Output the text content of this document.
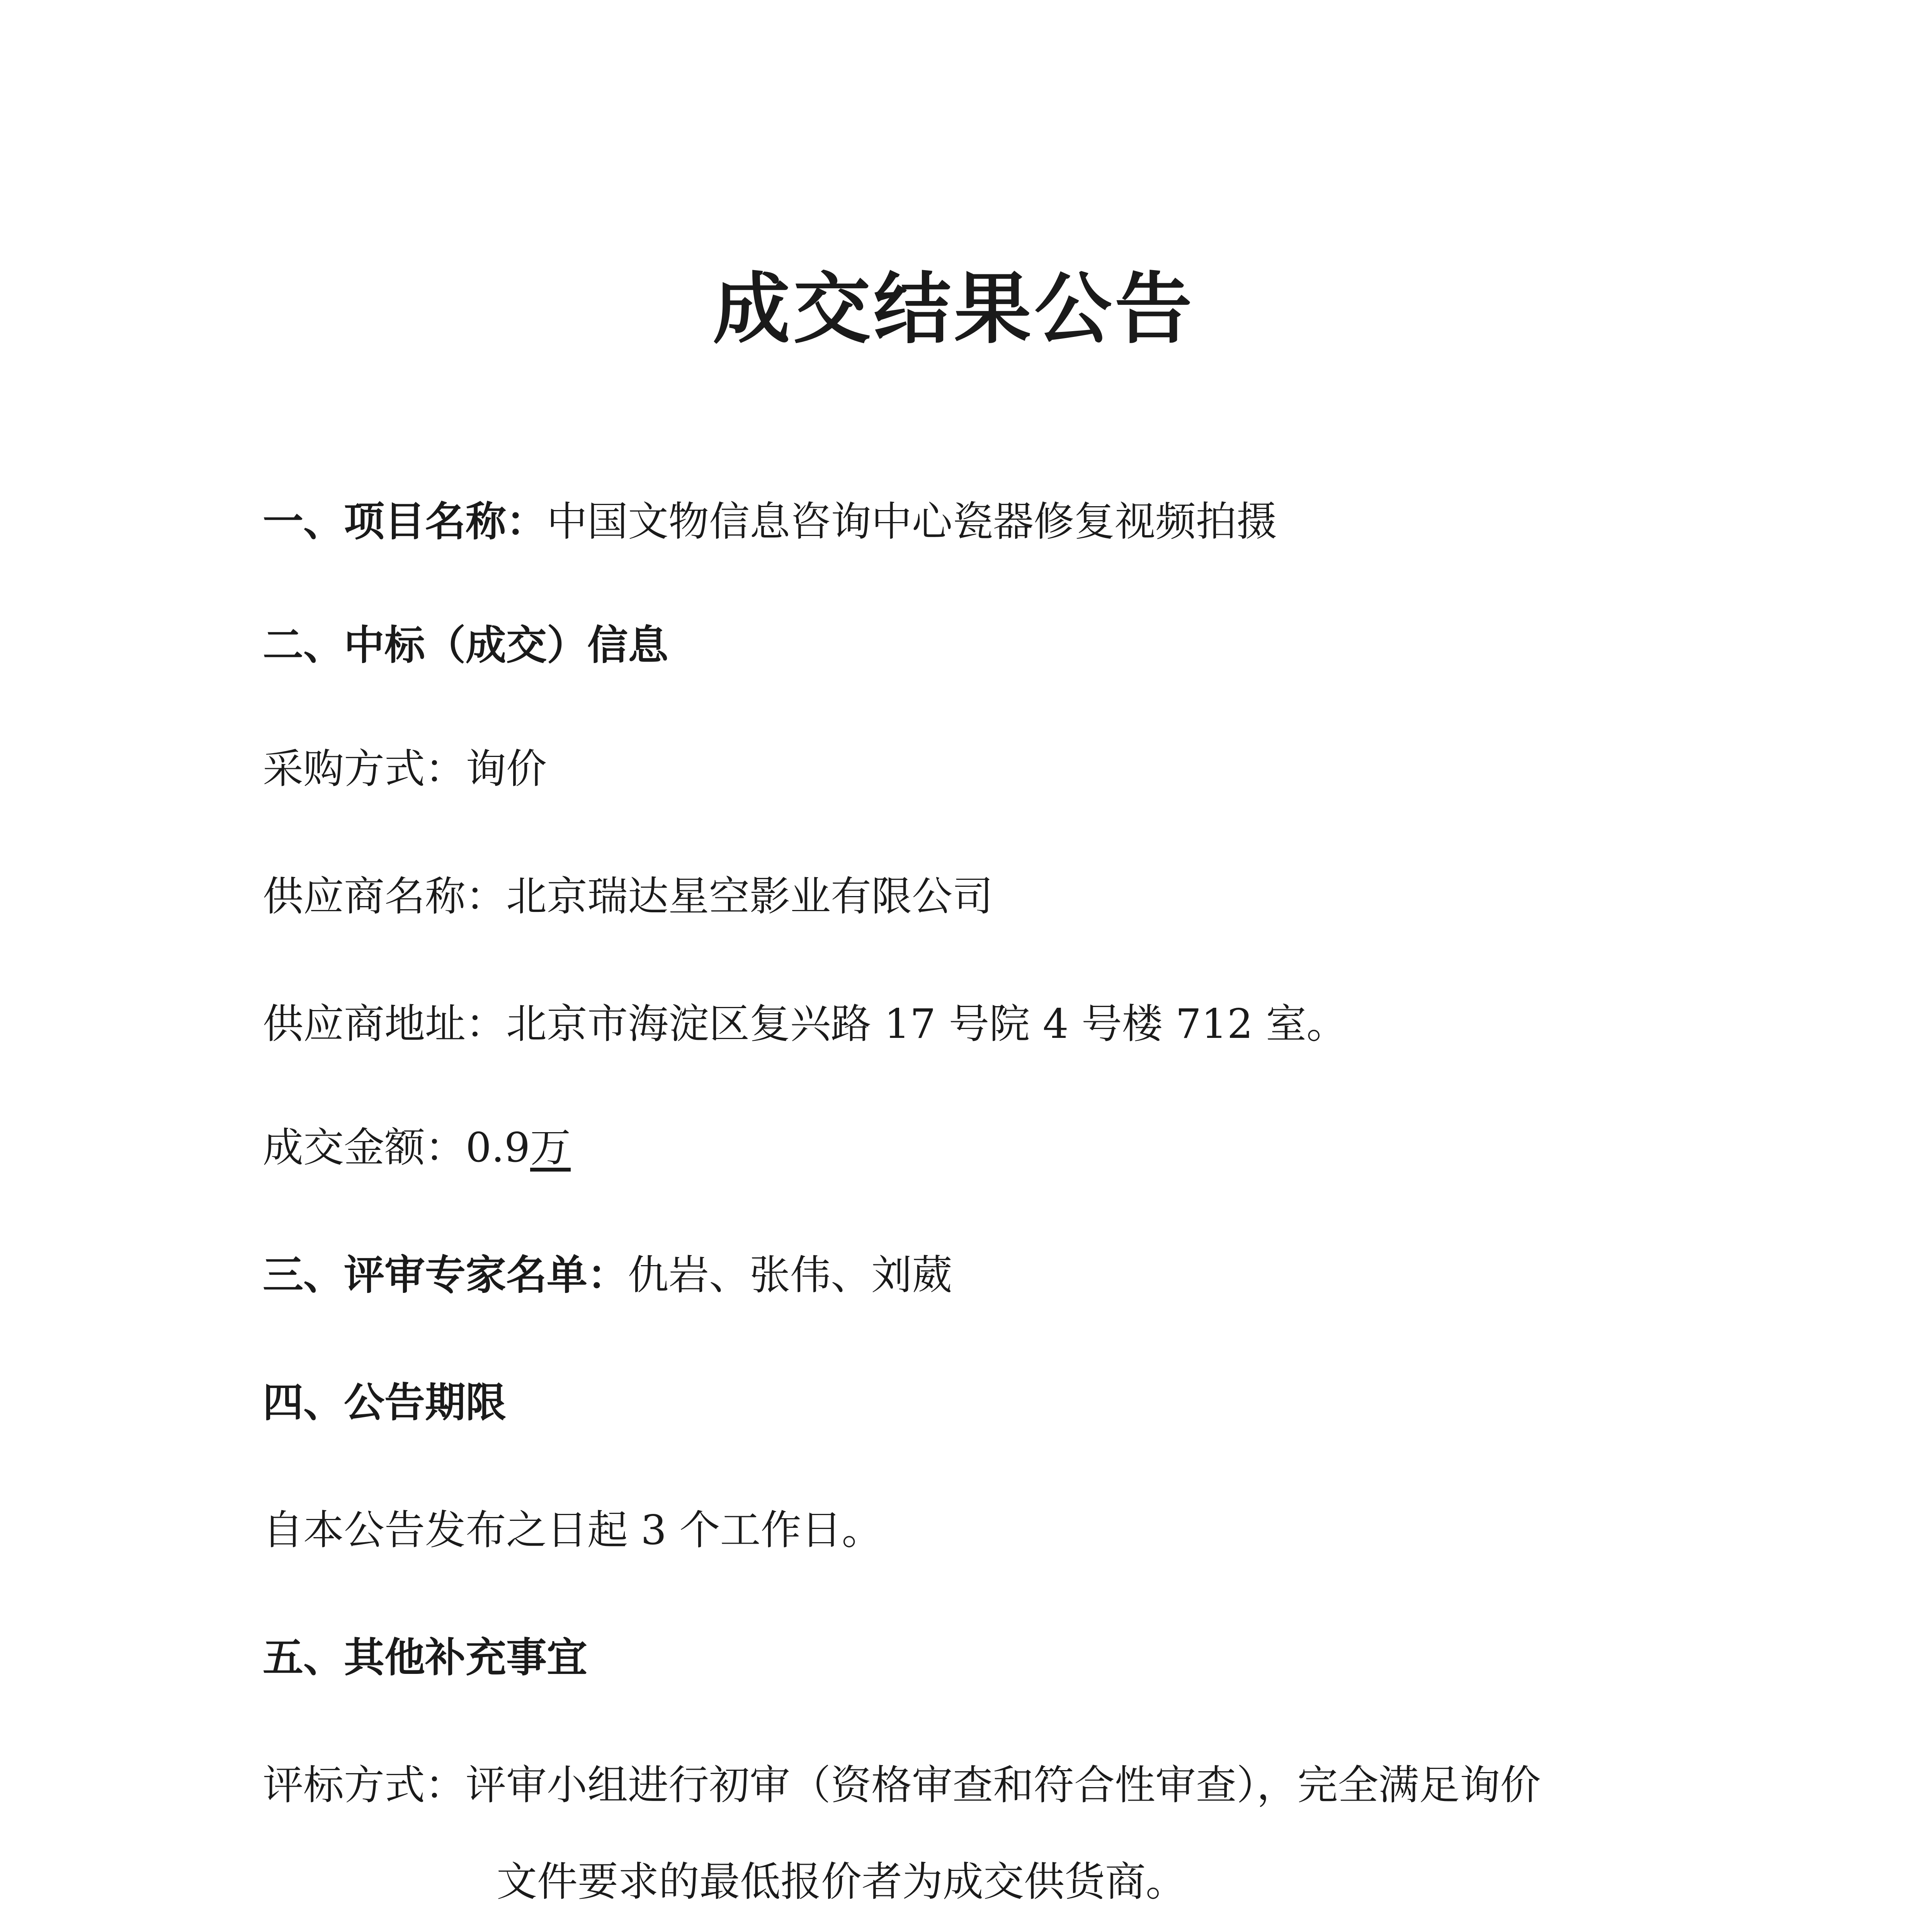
成交结果公告

一、项目名称：中国文物信息咨询中心瓷器修复视频拍摄

二、中标（成交）信息

采购方式：询价

供应商名称：北京瑞达星空影业有限公司

供应商地址：北京市海淀区复兴路 17 号院 4 号楼 712 室。

成交金额：0.9万

三、评审专家名单：仇岩、张伟、刘葳

四、公告期限

自本公告发布之日起 3 个工作日。

五、其他补充事宜

评标方式：评审小组进行初审（资格审查和符合性审查），完全满足询价

文件要求的最低报价者为成交供货商。
